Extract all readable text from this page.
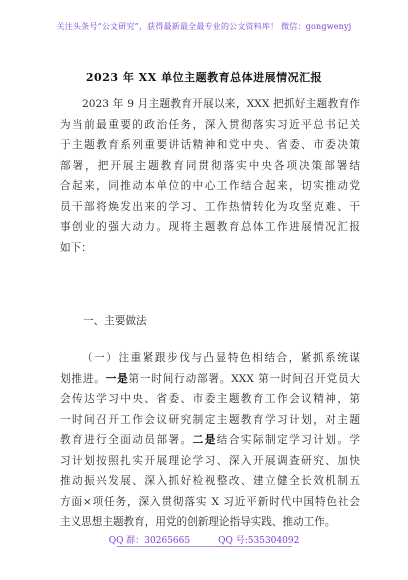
关注头条号“公文研究”，获得最新最全最专业的公文资料库！ 微信：gongwenyj
2023 年 XX 单位主题教育总体进展情况汇报
2023 年 9 月主题教育开展以来，XXX 把抓好主题教育作
为当前最重要的政治任务，深入贯彻落实习近平总书记关
于主题教育系列重要讲话精神和党中央、省委、市委决策
部署，把开展主题教育同贯彻落实中央各项决策部署结
合起来，同推动本单位的中心工作结合起来，切实推动党
员干部将焕发出来的学习、工作热情转化为攻坚克难、干
事创业的强大动力。现将主题教育总体工作进展情况汇报
如下：
一、主要做法
（一）注重紧跟步伐与凸显特色相结合，紧抓系统谋
划推进。一是第一时间行动部署。XXX 第一时间召开党员大
会传达学习中央、省委、市委主题教育工作会议精神，第
一时间召开工作会议研究制定主题教育学习计划，对主题
教育进行全面动员部署。二是结合实际制定学习计划。学
习计划按照扎实开展理论学习、深入开展调查研究、加快
推动振兴发展、深入抓好检视整改、建立健全长效机制五
方面×项任务，深入贯彻落实 X 习近平新时代中国特色社会
主义思想主题教育，用党的创新理论指导实践、推动工作。
QQ 群：30265665	QQ 号:535304092
